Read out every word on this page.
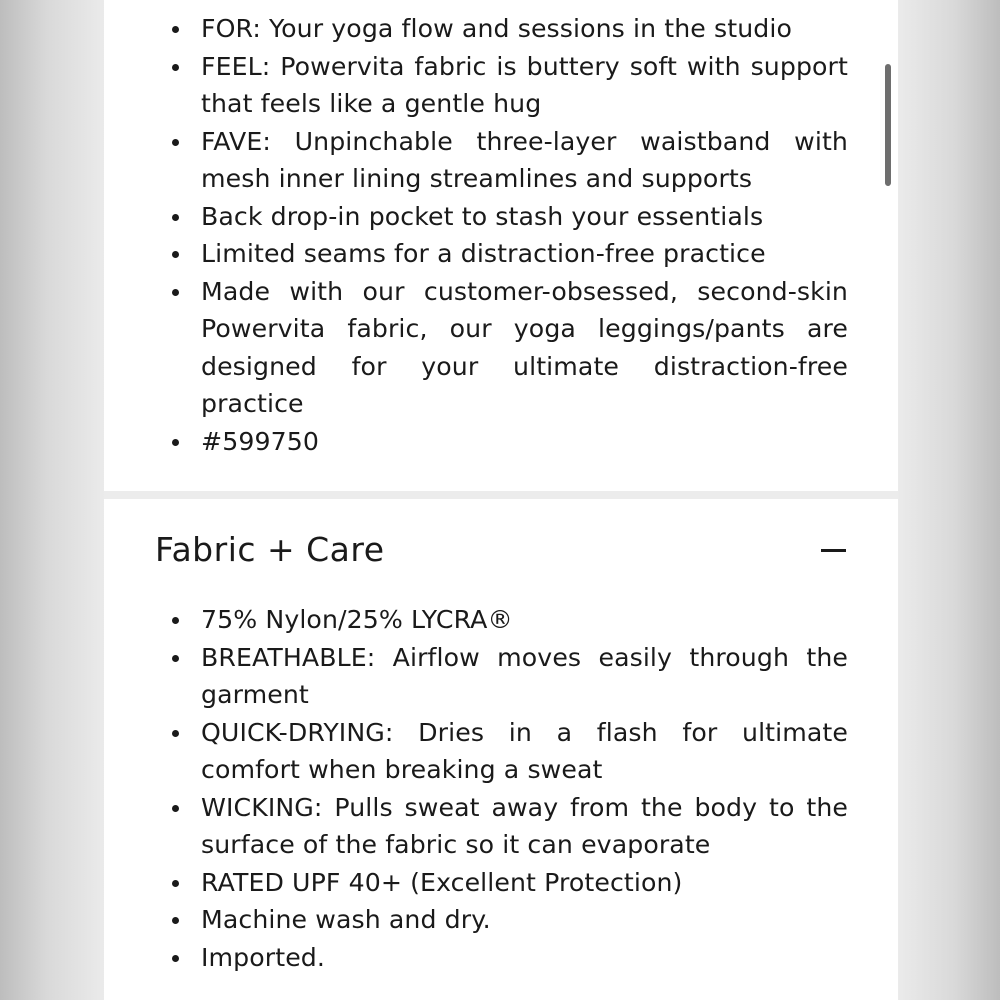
FOR: Your yoga flow and sessions in the studio
FEEL: Powervita fabric is buttery soft with support that feels like a gentle hug
FAVE: Unpinchable three-layer waistband with mesh inner lining streamlines and supports
Back drop-in pocket to stash your essentials
Limited seams for a distraction-free practice
Made with our customer-obsessed, second-skin Powervita fabric, our yoga leggings/pants are designed for your ultimate distraction-free practice
#599750
Fabric + Care
75% Nylon/25% LYCRA®
BREATHABLE: Airflow moves easily through the garment
QUICK-DRYING: Dries in a flash for ultimate comfort when breaking a sweat
WICKING: Pulls sweat away from the body to the surface of the fabric so it can evaporate
RATED UPF 40+ (Excellent Protection)
Machine wash and dry.
Imported.
